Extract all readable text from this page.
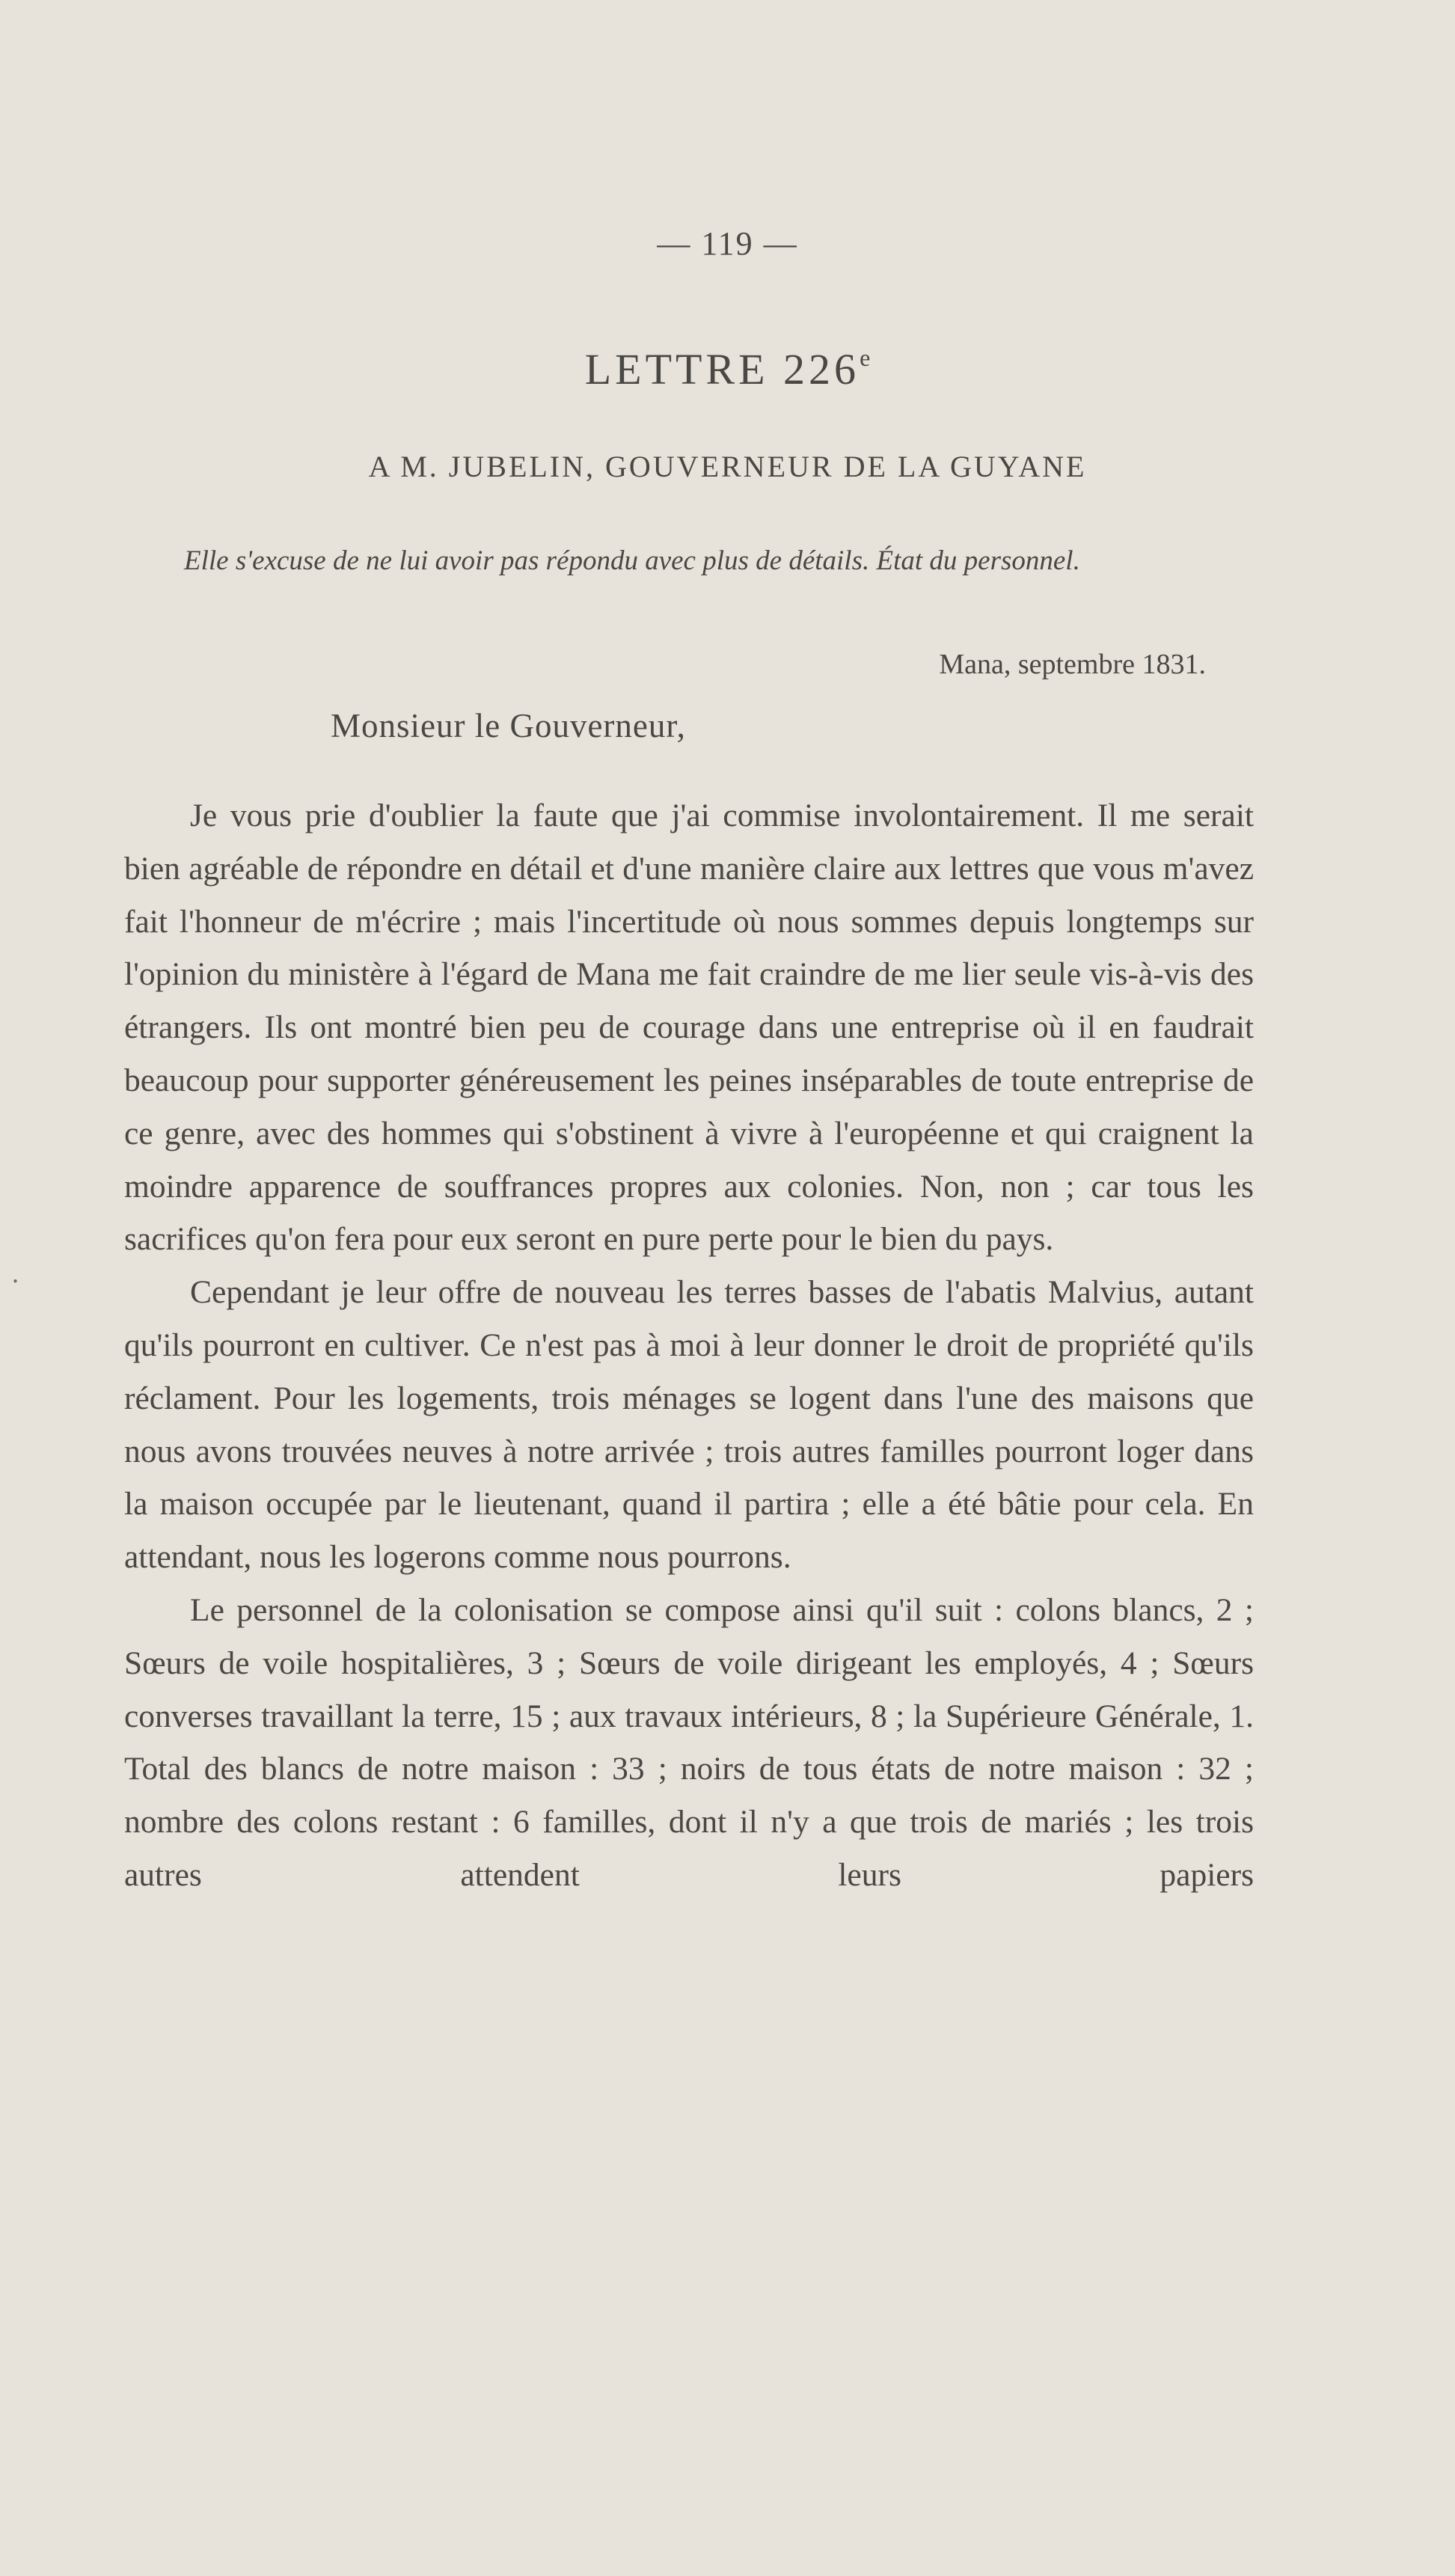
— 119 —
LETTRE 226e
A M. JUBELIN, GOUVERNEUR DE LA GUYANE

Elle s'excuse de ne lui avoir pas répondu avec plus de détails. État du personnel.

Mana, septembre 1831.
Monsieur le Gouverneur,
.

Je vous prie d'oublier la faute que j'ai commise involontairement. Il me serait bien agréable de répondre en détail et d'une manière claire aux lettres que vous m'avez fait l'honneur de m'écrire ; mais l'incertitude où nous sommes depuis longtemps sur l'opinion du ministère à l'égard de Mana me fait craindre de me lier seule vis-à-vis des étrangers. Ils ont montré bien peu de courage dans une entreprise où il en faudrait beaucoup pour supporter généreusement les peines inséparables de toute entreprise de ce genre, avec des hommes qui s'obstinent à vivre à l'européenne et qui craignent la moindre apparence de souffrances propres aux colonies. Non, non ; car tous les sacrifices qu'on fera pour eux seront en pure perte pour le bien du pays.

Cependant je leur offre de nouveau les terres basses de l'abatis Malvius, autant qu'ils pourront en cultiver. Ce n'est pas à moi à leur donner le droit de propriété qu'ils réclament. Pour les logements, trois ménages se logent dans l'une des maisons que nous avons trouvées neuves à notre arrivée ; trois autres familles pourront loger dans la maison occupée par le lieutenant, quand il partira ; elle a été bâtie pour cela. En attendant, nous les logerons comme nous pourrons.

Le personnel de la colonisation se compose ainsi qu'il suit : colons blancs, 2 ; Sœurs de voile hospitalières, 3 ; Sœurs de voile dirigeant les employés, 4 ; Sœurs converses travaillant la terre, 15 ; aux travaux intérieurs, 8 ; la Supérieure Générale, 1. Total des blancs de notre maison : 33 ; noirs de tous états de notre maison : 32 ; nombre des colons restant : 6 familles, dont il n'y a que trois de mariés ; les trois autres attendent leurs papiers
